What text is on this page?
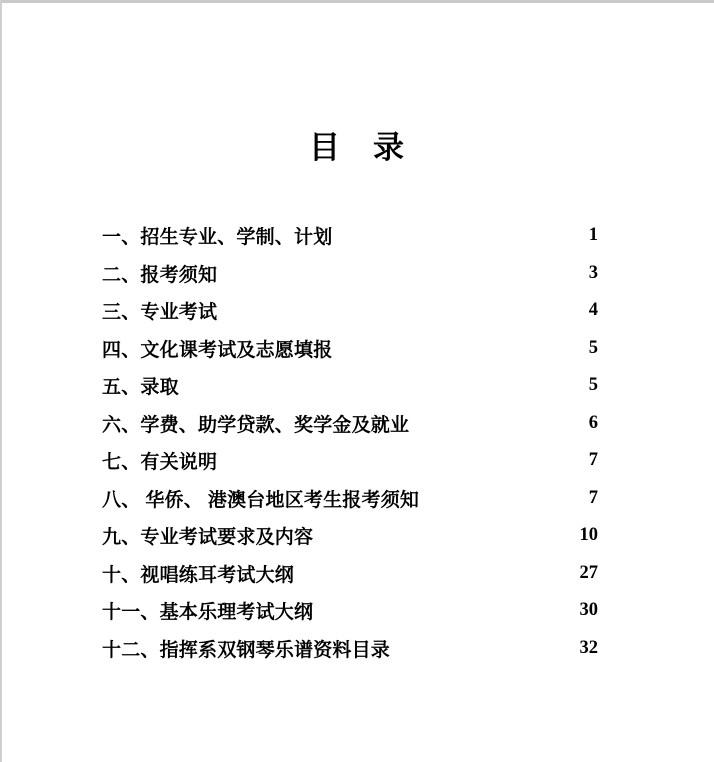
目　录
一、招生专业、学制、计划	1
二、报考须知	3
三、专业考试	4
四、文化课考试及志愿填报	5
五、录取	5
六、学费、助学贷款、奖学金及就业	6
七、有关说明	7
八、 华侨、 港澳台地区考生报考须知	7
九、专业考试要求及内容	10
十、视唱练耳考试大纲	27
十一、基本乐理考试大纲	30
十二、指挥系双钢琴乐谱资料目录	32
